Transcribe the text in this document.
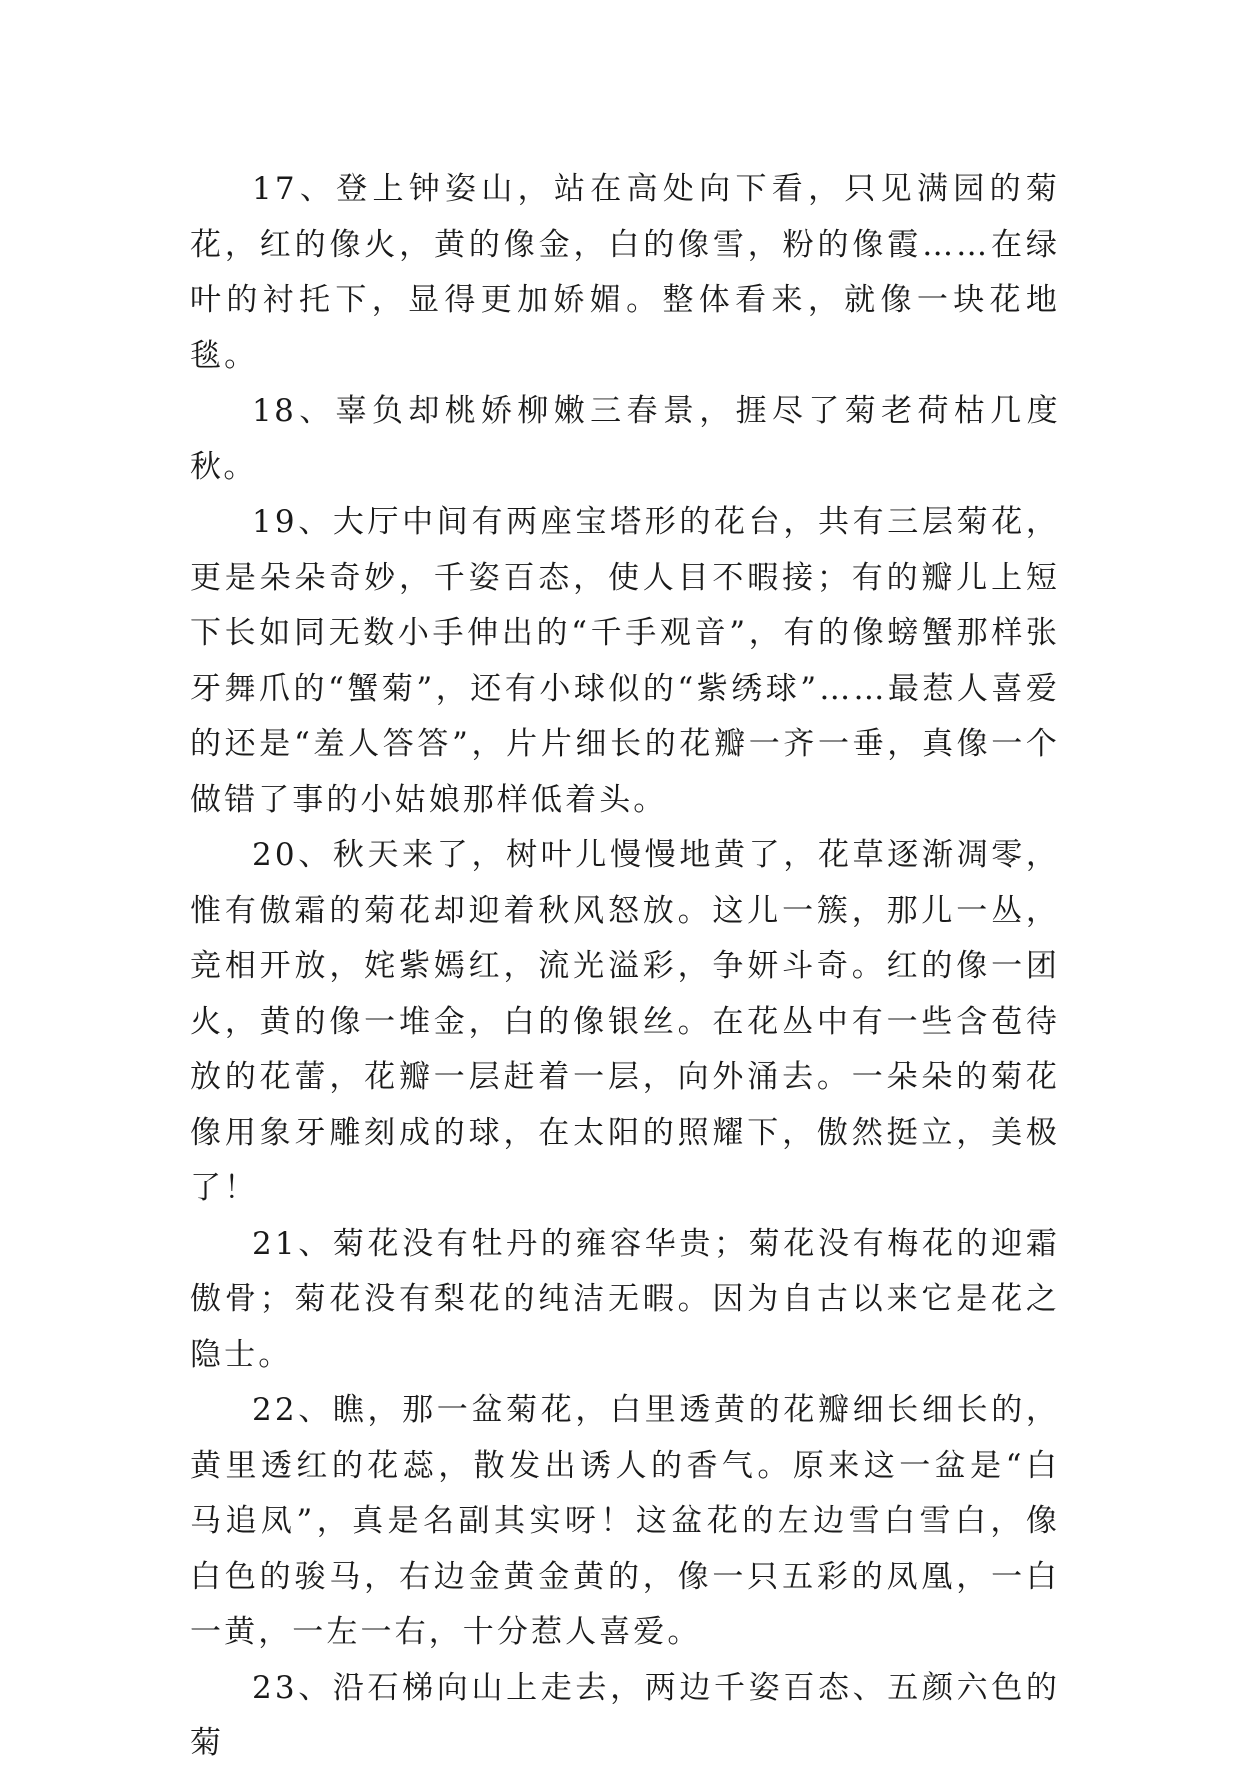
17、登上钟姿山，站在高处向下看，只见满园的菊花，红的像火，黄的像金，白的像雪，粉的像霞……在绿叶的衬托下，显得更加娇媚。整体看来，就像一块花地毯。

18、辜负却桃娇柳嫩三春景，捱尽了菊老荷枯几度秋。

19、大厅中间有两座宝塔形的花台，共有三层菊花，更是朵朵奇妙，千姿百态，使人目不暇接；有的瓣儿上短下长如同无数小手伸出的“千手观音”，有的像螃蟹那样张牙舞爪的“蟹菊”，还有小球似的“紫绣球”……最惹人喜爱的还是“羞人答答”，片片细长的花瓣一齐一垂，真像一个做错了事的小姑娘那样低着头。

20、秋天来了，树叶儿慢慢地黄了，花草逐渐凋零，惟有傲霜的菊花却迎着秋风怒放。这儿一簇，那儿一丛，竞相开放，姹紫嫣红，流光溢彩，争妍斗奇。红的像一团火，黄的像一堆金，白的像银丝。在花丛中有一些含苞待放的花蕾，花瓣一层赶着一层，向外涌去。一朵朵的菊花像用象牙雕刻成的球，在太阳的照耀下，傲然挺立，美极了！

21、菊花没有牡丹的雍容华贵；菊花没有梅花的迎霜傲骨；菊花没有梨花的纯洁无暇。因为自古以来它是花之隐士。

22、瞧，那一盆菊花，白里透黄的花瓣细长细长的，黄里透红的花蕊，散发出诱人的香气。原来这一盆是“白马追凤”，真是名副其实呀！这盆花的左边雪白雪白，像白色的骏马，右边金黄金黄的，像一只五彩的凤凰，一白一黄，一左一右，十分惹人喜爱。

23、沿石梯向山上走去，两边千姿百态、五颜六色的菊
